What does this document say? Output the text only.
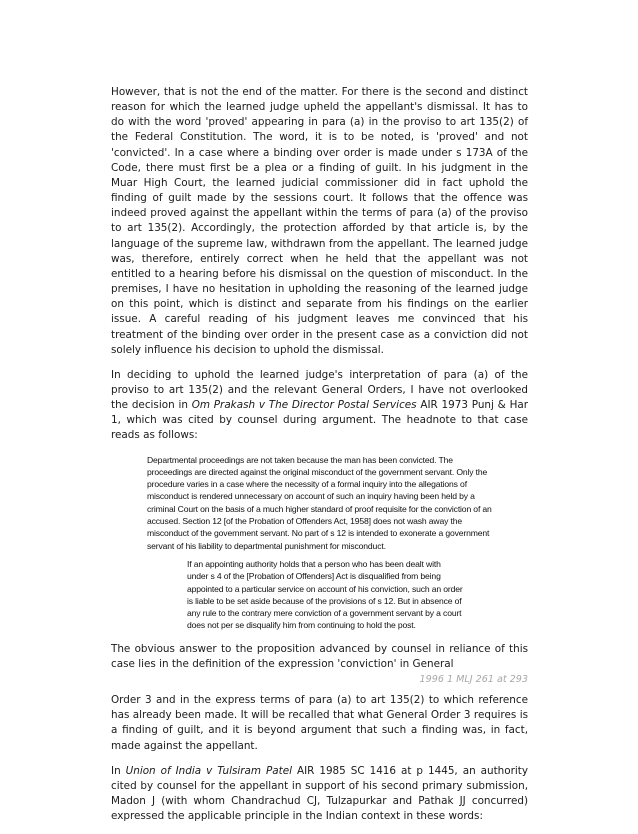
However, that is not the end of the matter. For there is the second and distinct reason for which the learned judge upheld the appellant's dismissal. It has to do with the word 'proved' appearing in para (a) in the proviso to art 135(2) of the Federal Constitution. The word, it is to be noted, is 'proved' and not 'convicted'. In a case where a binding over order is made under s 173A of the Code, there must first be a plea or a finding of guilt. In his judgment in the Muar High Court, the learned judicial commissioner did in fact uphold the finding of guilt made by the sessions court. It follows that the offence was indeed proved against the appellant within the terms of para (a) of the proviso to art 135(2). Accordingly, the protection afforded by that article is, by the language of the supreme law, withdrawn from the appellant. The learned judge was, therefore, entirely correct when he held that the appellant was not entitled to a hearing before his dismissal on the question of misconduct. In the premises, I have no hesitation in upholding the reasoning of the learned judge on this point, which is distinct and separate from his findings on the earlier issue. A careful reading of his judgment leaves me convinced that his treatment of the binding over order in the present case as a conviction did not solely influence his decision to uphold the dismissal.

In deciding to uphold the learned judge's interpretation of para (a) of the proviso to art 135(2) and the relevant General Orders, I have not overlooked the decision in Om Prakash v The Director Postal Services AIR 1973 Punj & Har 1, which was cited by counsel during argument. The headnote to that case reads as follows:

Departmental proceedings are not taken because the man has been convicted. The proceedings are directed against the original misconduct of the government servant. Only the procedure varies in a case where the necessity of a formal inquiry into the allegations of misconduct is rendered unnecessary on account of such an inquiry having been held by a criminal Court on the basis of a much higher standard of proof requisite for the conviction of an accused. Section 12 [of the Probation of Offenders Act, 1958] does not wash away the misconduct of the government servant. No part of s 12 is intended to exonerate a government servant of his liability to departmental punishment for misconduct.
If an appointing authority holds that a person who has been dealt with under s 4 of the [Probation of Offenders] Act is disqualified from being appointed to a particular service on account of his conviction, such an order is liable to be set aside because of the provisions of s 12. But in absence of any rule to the contrary mere conviction of a government servant by a court does not per se disqualify him from continuing to hold the post.

The obvious answer to the proposition advanced by counsel in reliance of this case lies in the definition of the expression 'conviction' in General

1996 1 MLJ 261 at 293

Order 3 and in the express terms of para (a) to art 135(2) to which reference has already been made. It will be recalled that what General Order 3 requires is a finding of guilt, and it is beyond argument that such a finding was, in fact, made against the appellant.

In Union of India v Tulsiram Patel AIR 1985 SC 1416 at p 1445, an authority cited by counsel for the appellant in support of his second primary submission, Madon J (with whom Chandrachud CJ, Tulzapurkar and Pathak JJ concurred) expressed the applicable principle in the Indian context in these words:
